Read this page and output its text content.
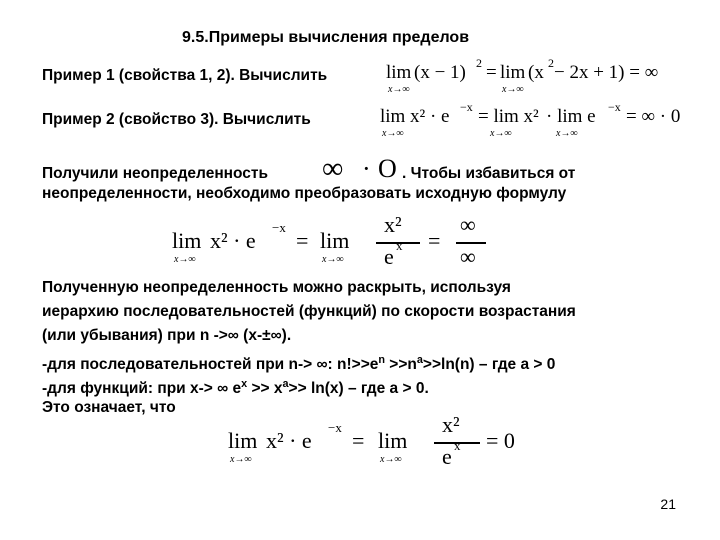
9.5.Примеры вычисления пределов
Пример 1 (свойства 1, 2). Вычислить	lim
x→∞
(x − 1) 2 = lim
x→∞
(x 2 − 2x + 1) = ∞
Пример 2 (свойство 3). Вычислить	lim
x→∞
x² · e −x = lim x²
x→∞
· lim e
x→∞
−x = ∞ · 0
Получили неопределенность ∞ · O . Чтобы избавиться от
неопределенности, необходимо преобразовать исходную формулу
lim
x→∞
x² · e
−x
= lim
x→∞
x²
e x =
∞
∞
Полученную неопределенность можно раскрыть, используя
иерархию последовательностей (функций) по скорости возрастания
(или убывания) при n ->∞ (x-±∞).
-для последовательностей при n-> ∞: $n!>>e^n >>n^a>>\ln(n)$ – где a > 0
-для функций: при x-> ∞ $e^x >> x^a>> \ln(x)$ – где a > 0.
Это означает, что
lim
x→∞
x² · e
−x
= lim
x→∞
x²
e x = 0
21
